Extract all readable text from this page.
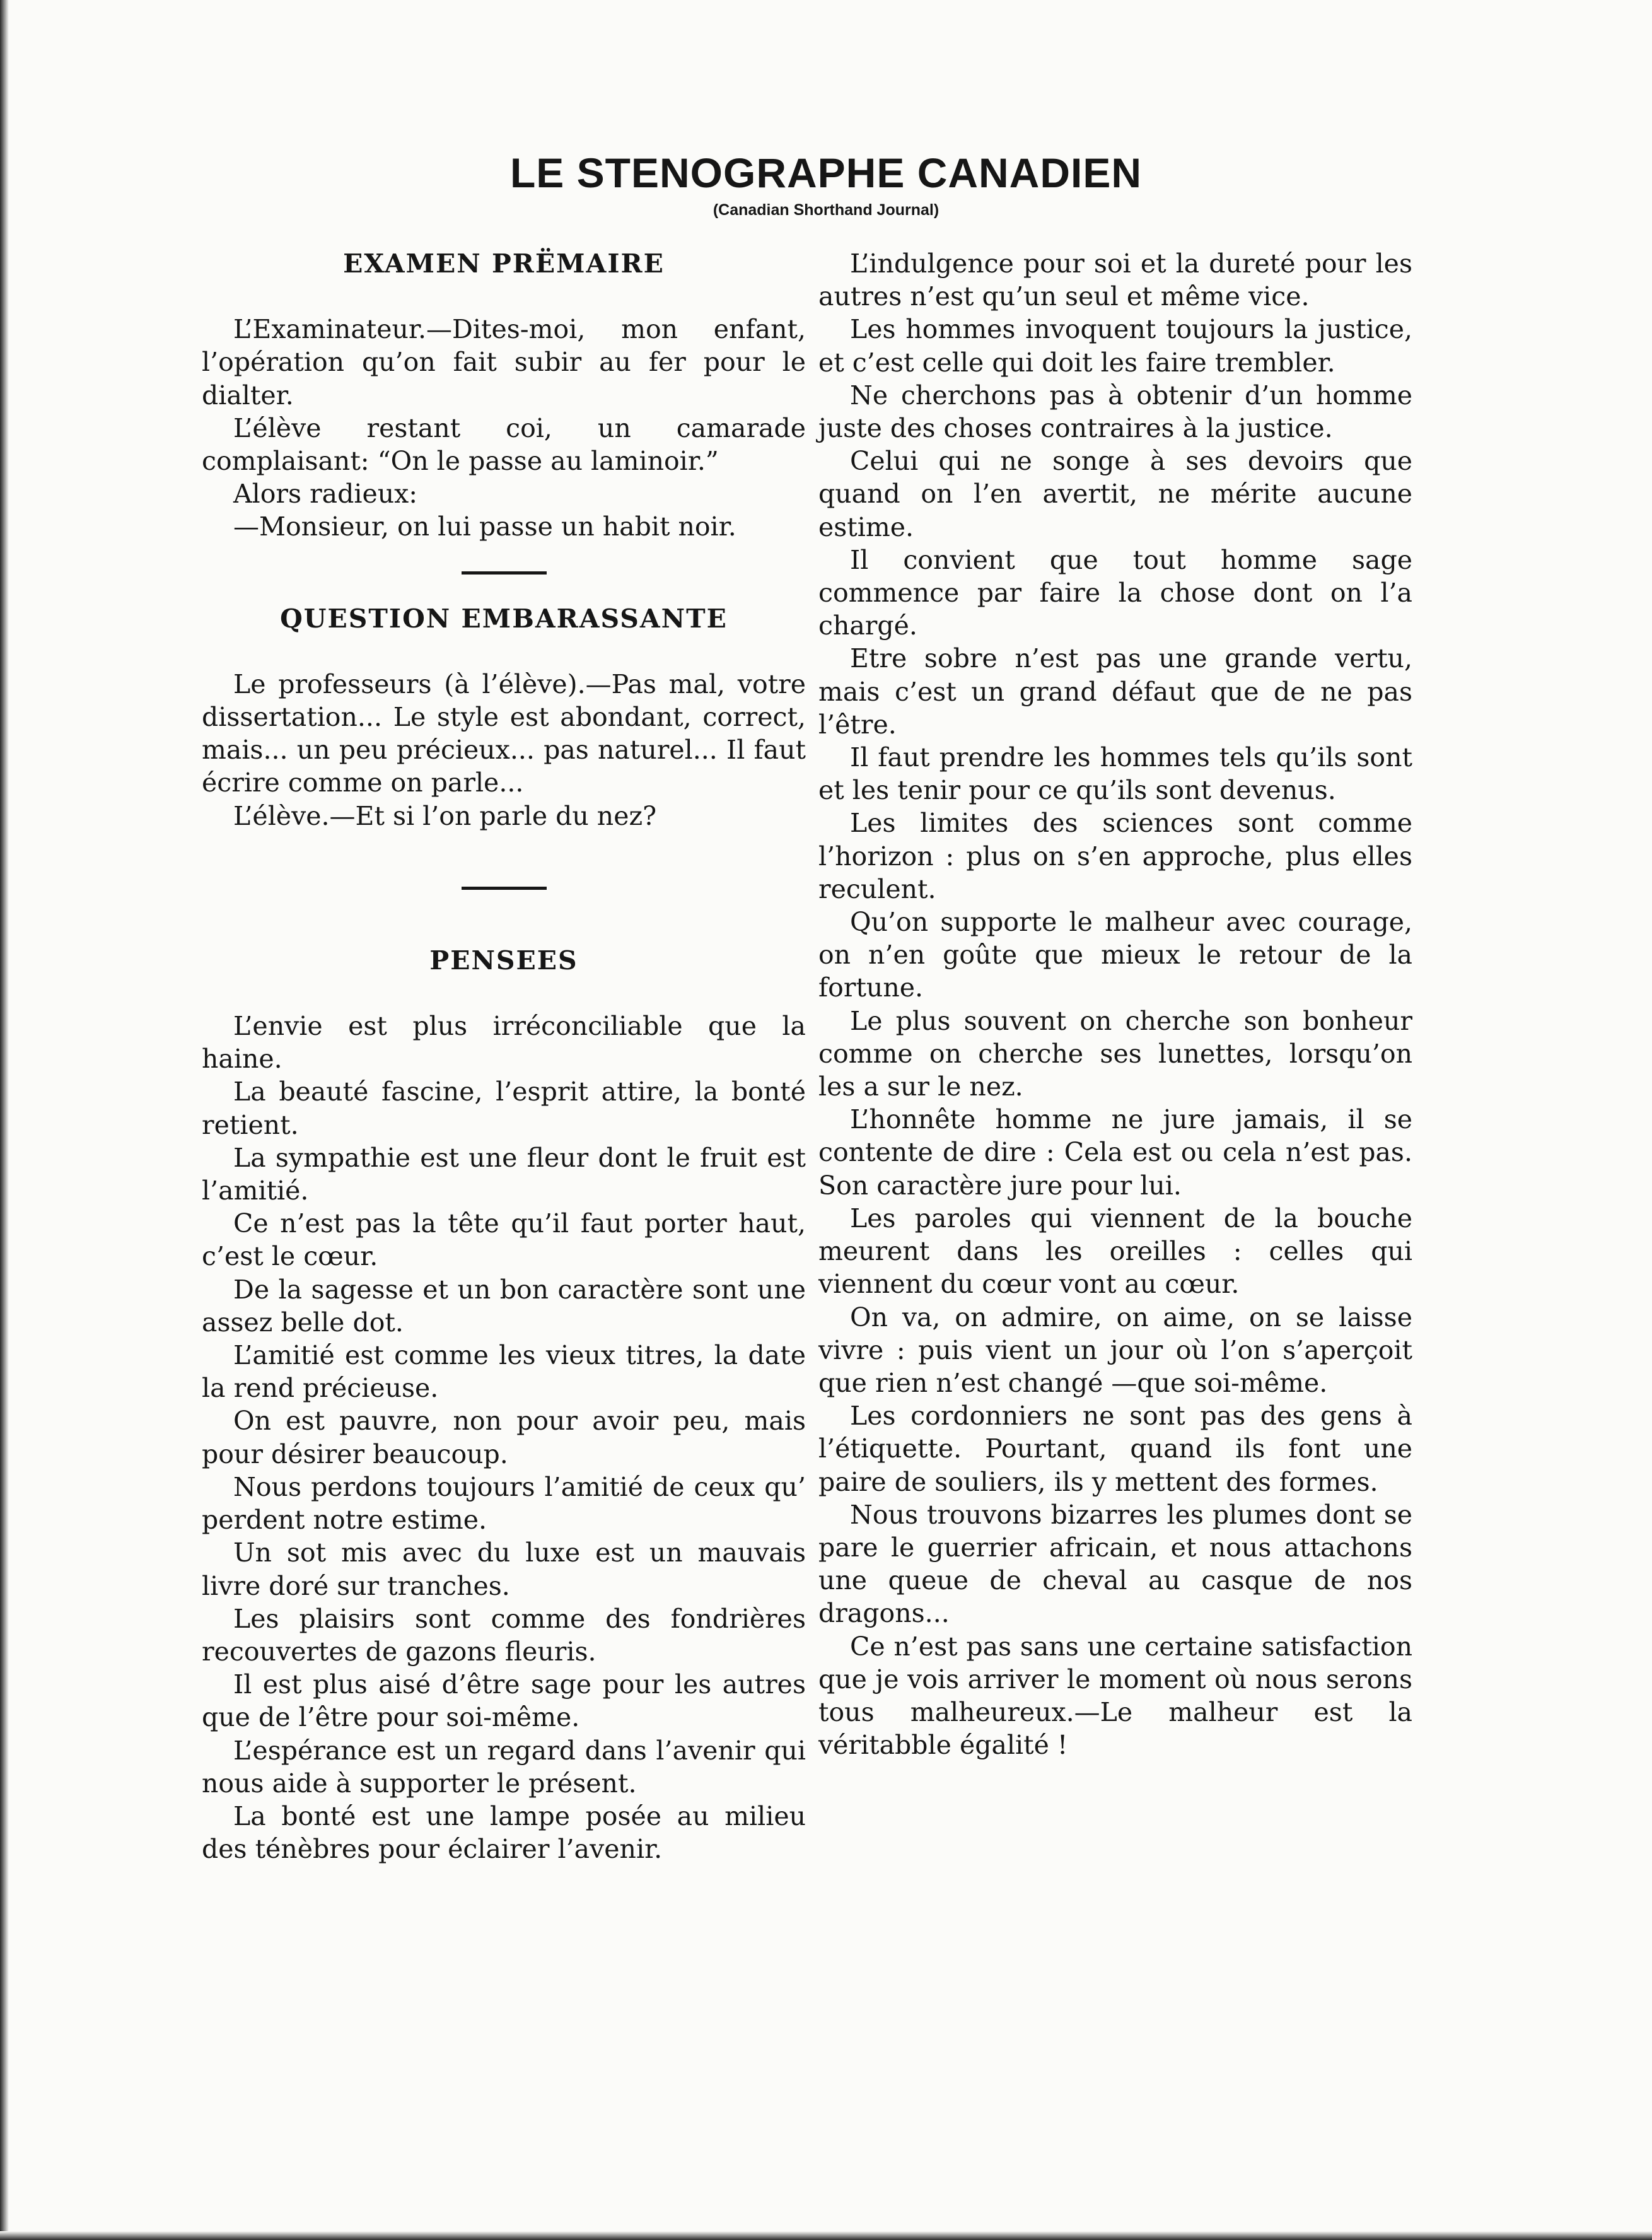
LE STENOGRAPHE CANADIEN
(Canadian Shorthand Journal)
EXAMEN PRËMAIRE

L’Examinateur.—Dites-moi, mon enfant, l’opération qu’on fait subir au fer pour le dialter.

L’élève restant coi, un camarade complaisant: “On le passe au laminoir.”

Alors radieux:

—Monsieur, on lui passe un habit noir.

QUESTION EMBARASSANTE

Le professeurs (à l’élève).—Pas mal, votre dissertation... Le style est abondant, correct, mais... un peu précieux... pas naturel... Il faut écrire comme on parle...

L’élève.—Et si l’on parle du nez?

PENSEES

L’envie est plus irréconciliable que la haine.

La beauté fascine, l’esprit attire, la bonté retient.

La sympathie est une fleur dont le fruit est l’amitié.

Ce n’est pas la tête qu’il faut porter haut, c’est le cœur.

De la sagesse et un bon caractère sont une assez belle dot.

L’amitié est comme les vieux titres, la date la rend précieuse.

On est pauvre, non pour avoir peu, mais pour désirer beaucoup.

Nous perdons toujours l’amitié de ceux qu’ perdent notre estime.

Un sot mis avec du luxe est un mauvais livre doré sur tranches.

Les plaisirs sont comme des fondrières recouvertes de gazons fleuris.

Il est plus aisé d’être sage pour les autres que de l’être pour soi-même.

L’espérance est un regard dans l’avenir qui nous aide à supporter le présent.

La bonté est une lampe posée au milieu des ténèbres pour éclairer l’avenir.

L’indulgence pour soi et la dureté pour les autres n’est qu’un seul et même vice.

Les hommes invoquent toujours la justice, et c’est celle qui doit les faire trembler.

Ne cherchons pas à obtenir d’un homme juste des choses contraires à la justice.

Celui qui ne songe à ses devoirs que quand on l’en avertit, ne mérite aucune estime.

Il convient que tout homme sage commence par faire la chose dont on l’a chargé.

Etre sobre n’est pas une grande vertu, mais c’est un grand défaut que de ne pas l’être.

Il faut prendre les hommes tels qu’ils sont et les tenir pour ce qu’ils sont devenus.

Les limites des sciences sont comme l’horizon : plus on s’en approche, plus elles reculent.

Qu’on supporte le malheur avec courage, on n’en goûte que mieux le retour de la fortune.

Le plus souvent on cherche son bonheur comme on cherche ses lunettes, lorsqu’on les a sur le nez.

L’honnête homme ne jure jamais, il se contente de dire : Cela est ou cela n’est pas. Son caractère jure pour lui.

Les paroles qui viennent de la bouche meurent dans les oreilles : celles qui viennent du cœur vont au cœur.

On va, on admire, on aime, on se laisse vivre : puis vient un jour où l’on s’aperçoit que rien n’est changé —que soi-même.

Les cordonniers ne sont pas des gens à l’étiquette. Pourtant, quand ils font une paire de souliers, ils y mettent des formes.

Nous trouvons bizarres les plumes dont se pare le guerrier africain, et nous attachons une queue de cheval au casque de nos dragons...

Ce n’est pas sans une certaine satisfaction que je vois arriver le moment où nous serons tous malheureux.—Le malheur est la véritabble égalité !
